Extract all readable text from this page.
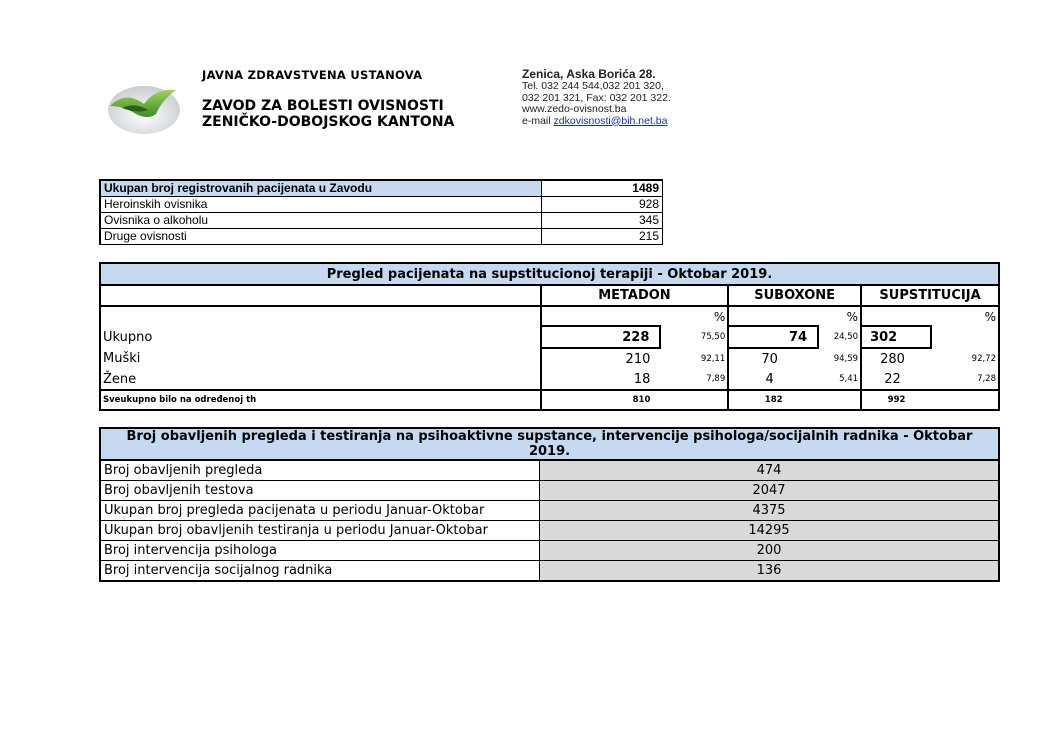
JAVNA ZDRAVSTVENA USTANOVA
ZAVOD ZA BOLESTI OVISNOSTI
ZENIČKO-DOBOJSKOG KANTONA
Zenica, Aska Borića 28.
Tel. 032 244 544,032 201 320,
032 201 321, Fax: 032 201 322.
www.zedo-ovisnost.ba
e-mail zdkovisnosti@bih.net.ba
Ukupan broj registrovanih pacijenata u Zavodu	1489
Heroinskih ovisnika	928
Ovisnika o alkoholu	345
Druge ovisnosti	215
Pregled pacijenata na supstitucionoj terapiji - Oktobar 2019.						
	METADON		SUBOXONE		SUPSTITUCIJA	
		%		%		%
Ukupno	228	75,50	74	24,50	302	
Muški	210	92,11	70	94,59	280	92,72
Žene	18	7,89	4	5,41	22	7,28
Sveukupno bilo na određenoj th	810		182		992	
Broj obavljenih pregleda i testiranja na psihoaktivne supstance, intervencije psihologa/socijalnih radnika - Oktobar 2019.	
Broj obavljenih pregleda	474
Broj obavljenih testova	2047
Ukupan broj pregleda pacijenata u periodu Januar-Oktobar	4375
Ukupan broj obavljenih testiranja u periodu Januar-Oktobar	14295
Broj intervencija psihologa	200
Broj intervencija socijalnog radnika	136
